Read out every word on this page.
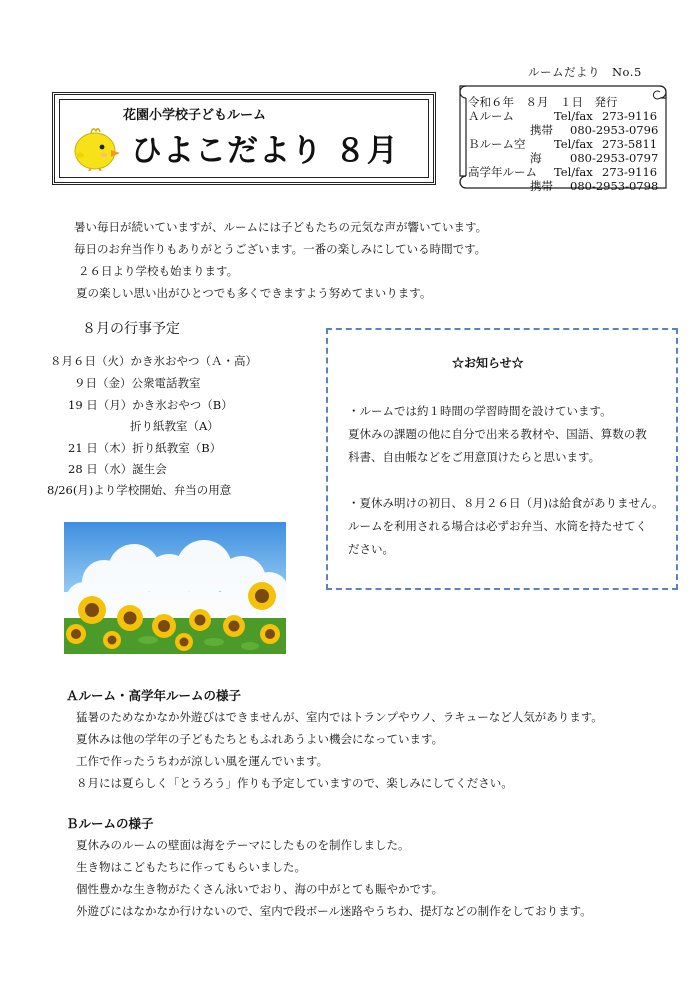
ルームだより　No.5
花園小学校子どもルーム
ひよこだより ８月
令和６年　８月　１日　発行
Ａルーム	Tel/fax 273-9116
携帯 080-2953-0796
Ｂルーム空 Tel/fax 273-5811
海 080-2953-0797
高学年ルーム Tel/fax 273-9116
携帯 080-2953-0798

暑い毎日が続いていますが、ルームには子どもたちの元気な声が響いています。

毎日のお弁当作りもありがとうございます。一番の楽しみにしている時間です。

２６日より学校も始まります。

夏の楽しい思い出がひとつでも多くできますよう努めてまいります。

８月の行事予定
８月６日（火）かき氷おやつ（Ａ・高）
９日（金）公衆電話教室
19 日（月）かき氷おやつ（B）
折り紙教室（A）
21 日（木）折り紙教室（B）
28 日（水）誕生会
8/26(月)より学校開始、弁当の用意
☆お知らせ☆

・ルームでは約１時間の学習時間を設けています。

夏休みの課題の他に自分で出来る教材や、国語、算数の教

科書、自由帳などをご用意頂けたらと思います。

・夏休み明けの初日、８月２６日（月)は給食がありません。

ルームを利用される場合は必ずお弁当、水筒を持たせてく

ださい。

Ａルーム・高学年ルームの様子

猛暑のためなかなか外遊びはできませんが、室内ではトランプやウノ、ラキューなど人気があります。

夏休みは他の学年の子どもたちともふれあうよい機会になっています。

工作で作ったうちわが涼しい風を運んでいます。

８月には夏らしく「とうろう」作りも予定していますので、楽しみにしてください。

Ｂルームの様子

夏休みのルームの壁面は海をテーマにしたものを制作しました。

生き物はこどもたちに作ってもらいました。

個性豊かな生き物がたくさん泳いでおり、海の中がとても賑やかです。

外遊びにはなかなか行けないので、室内で段ボール迷路やうちわ、提灯などの制作をしております。
